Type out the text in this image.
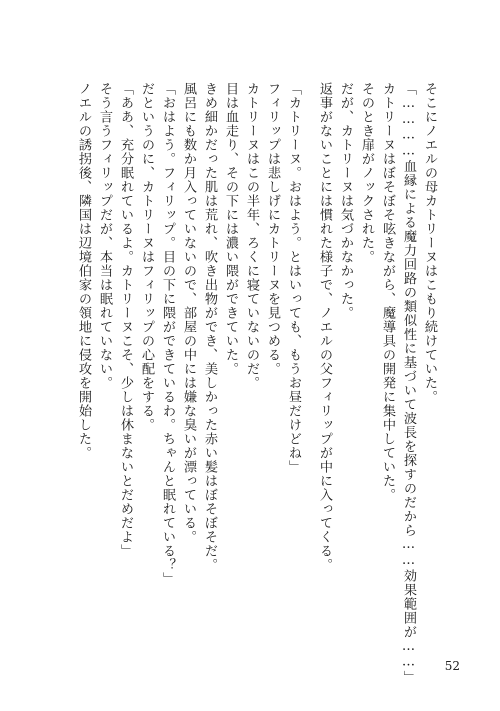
そこにノエルの母カトリーヌはこもり続けていた。
「…………血縁による魔力回路の類似性に基づいて波長を探すのだから……効果範囲が……」
カトリーヌはぼそぼそ呟きながら、魔導具の開発に集中していた。
そのとき扉がノックされた。
だが、カトリーヌは気づかなかった。
返事がないことには慣れた様子で、ノエルの父フィリップが中に入ってくる。
「カトリーヌ。おはよう。とはいっても、もうお昼だけどね」
フィリップは悲しげにカトリーヌを見つめる。
カトリーヌはこの半年、ろくに寝ていないのだ。
目は血走り、その下には濃い隈ができていた。
きめ細かだった肌は荒れ、吹き出物ができ、美しかった赤い髪はぼそぼそだ。
風呂にも数か月入っていないので、部屋の中には嫌な臭いが漂っている。
「おはよう。フィリップ。目の下に隈ができているわ。ちゃんと眠れている？」
だというのに、カトリーヌはフィリップの心配をする。
「ああ、充分眠れているよ。カトリーヌこそ、少しは休まないとだめだよ」
そう言うフィリップだが、本当は眠れていない。
ノエルの誘拐後、隣国は辺境伯家の領地に侵攻を開始した。
52
